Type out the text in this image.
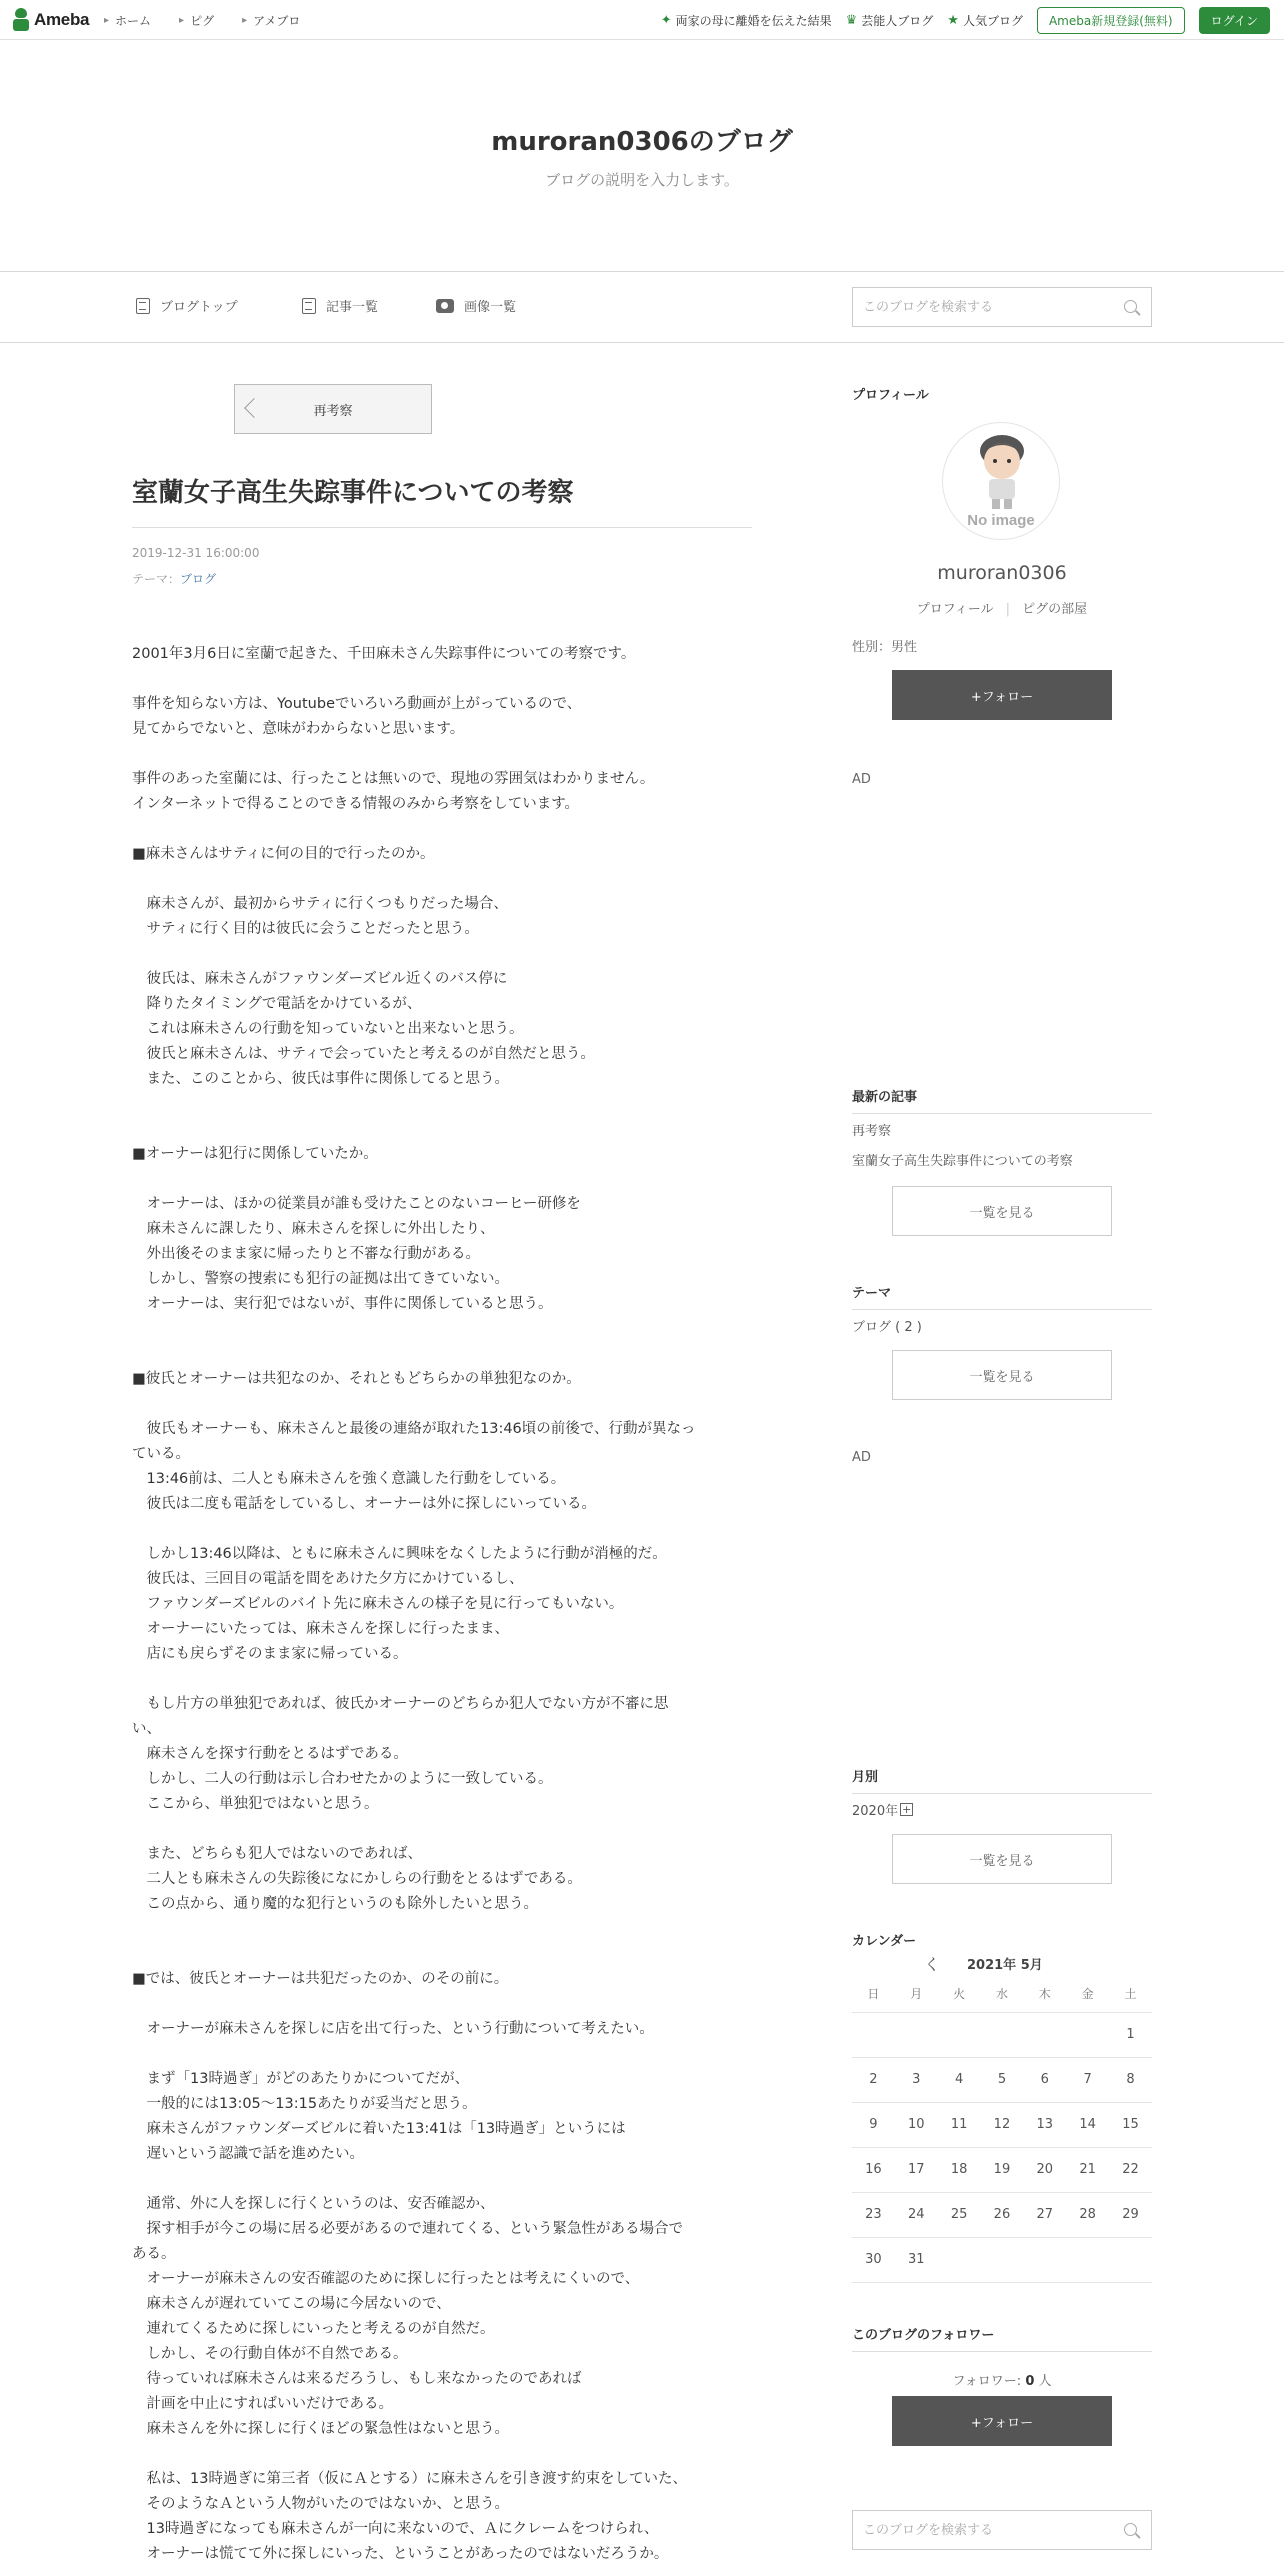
Ameba	▸ ホーム	▸ ピグ	▸ アメブロ	✦ 両家の母に離婚を伝えた結果 ♛ 芸能人ブログ ★ 人気ブログ	Ameba新規登録(無料)	ログイン
muroran0306のブログ
ブログの説明を入力します。
ブログトップ	記事一覧	画像一覧
このブログを検索する
再考察
室蘭女子高生失踪事件についての考察
2019-12-31 16:00:00
テーマ：ブログ
2001年3月6日に室蘭で起きた、千田麻未さん失踪事件についての考察です。
事件を知らない方は、Youtubeでいろいろ動画が上がっているので、
見てからでないと、意味がわからないと思います。
事件のあった室蘭には、行ったことは無いので、現地の雰囲気はわかりません。
インターネットで得ることのできる情報のみから考察をしています。
■麻未さんはサティに何の目的で行ったのか。
　麻未さんが、最初からサティに行くつもりだった場合、
　サティに行く目的は彼氏に会うことだったと思う。
　彼氏は、麻未さんがファウンダーズビル近くのバス停に
　降りたタイミングで電話をかけているが、
　これは麻未さんの行動を知っていないと出来ないと思う。
　彼氏と麻未さんは、サティで会っていたと考えるのが自然だと思う。
　また、このことから、彼氏は事件に関係してると思う。
■オーナーは犯行に関係していたか。
　オーナーは、ほかの従業員が誰も受けたことのないコーヒー研修を
　麻未さんに課したり、麻未さんを探しに外出したり、
　外出後そのまま家に帰ったりと不審な行動がある。
　しかし、警察の捜索にも犯行の証拠は出てきていない。
　オーナーは、実行犯ではないが、事件に関係していると思う。
■彼氏とオーナーは共犯なのか、それともどちらかの単独犯なのか。
　彼氏もオーナーも、麻未さんと最後の連絡が取れた13:46頃の前後で、行動が異なっ
ている。
　13:46前は、二人とも麻未さんを強く意識した行動をしている。
　彼氏は二度も電話をしているし、オーナーは外に探しにいっている。
　しかし13:46以降は、ともに麻未さんに興味をなくしたように行動が消極的だ。
　彼氏は、三回目の電話を間をあけた夕方にかけているし、
　ファウンダーズビルのバイト先に麻未さんの様子を見に行ってもいない。
　オーナーにいたっては、麻未さんを探しに行ったまま、
　店にも戻らずそのまま家に帰っている。
　もし片方の単独犯であれば、彼氏かオーナーのどちらか犯人でない方が不審に思
い、
　麻未さんを探す行動をとるはずである。
　しかし、二人の行動は示し合わせたかのように一致している。
　ここから、単独犯ではないと思う。
　また、どちらも犯人ではないのであれば、
　二人とも麻未さんの失踪後になにかしらの行動をとるはずである。
　この点から、通り魔的な犯行というのも除外したいと思う。
■では、彼氏とオーナーは共犯だったのか、のその前に。
　オーナーが麻未さんを探しに店を出て行った、という行動について考えたい。
　まず「13時過ぎ」がどのあたりかについてだが、
　一般的には13:05～13:15あたりが妥当だと思う。
　麻未さんがファウンダーズビルに着いた13:41は「13時過ぎ」というには
　遅いという認識で話を進めたい。
　通常、外に人を探しに行くというのは、安否確認か、
　探す相手が今この場に居る必要があるので連れてくる、という緊急性がある場合で
ある。
　オーナーが麻未さんの安否確認のために探しに行ったとは考えにくいので、
　麻未さんが遅れていてこの場に今居ないので、
　連れてくるために探しにいったと考えるのが自然だ。
　しかし、その行動自体が不自然である。
　待っていれば麻未さんは来るだろうし、もし来なかったのであれば
　計画を中止にすればいいだけである。
　麻未さんを外に探しに行くほどの緊急性はないと思う。
　私は、13時過ぎに第三者（仮にＡとする）に麻未さんを引き渡す約束をしていた、
　そのようなＡという人物がいたのではないか、と思う。
　13時過ぎになっても麻未さんが一向に来ないので、Ａにクレームをつけられ、
　オーナーは慌てて外に探しにいった、ということがあったのではないだろうか。
プロフィール
No image
muroran0306
プロフィール | ピグの部屋
性別：男性
+フォロー
AD
最新の記事
再考察
室蘭女子高生失踪事件についての考察
一覧を見る
テーマ
ブログ ( 2 )
一覧を見る
AD
月別
2020年 +
一覧を見る
カレンダー
く 2021年 5月
日	月	火	水	木	金	土
						1
2	3	4	5	6	7	8
9	10	11	12	13	14	15
16	17	18	19	20	21	22
23	24	25	26	27	28	29
30	31					
このブログのフォロワー
フォロワー: 0 人
+フォロー
このブログを検索する
